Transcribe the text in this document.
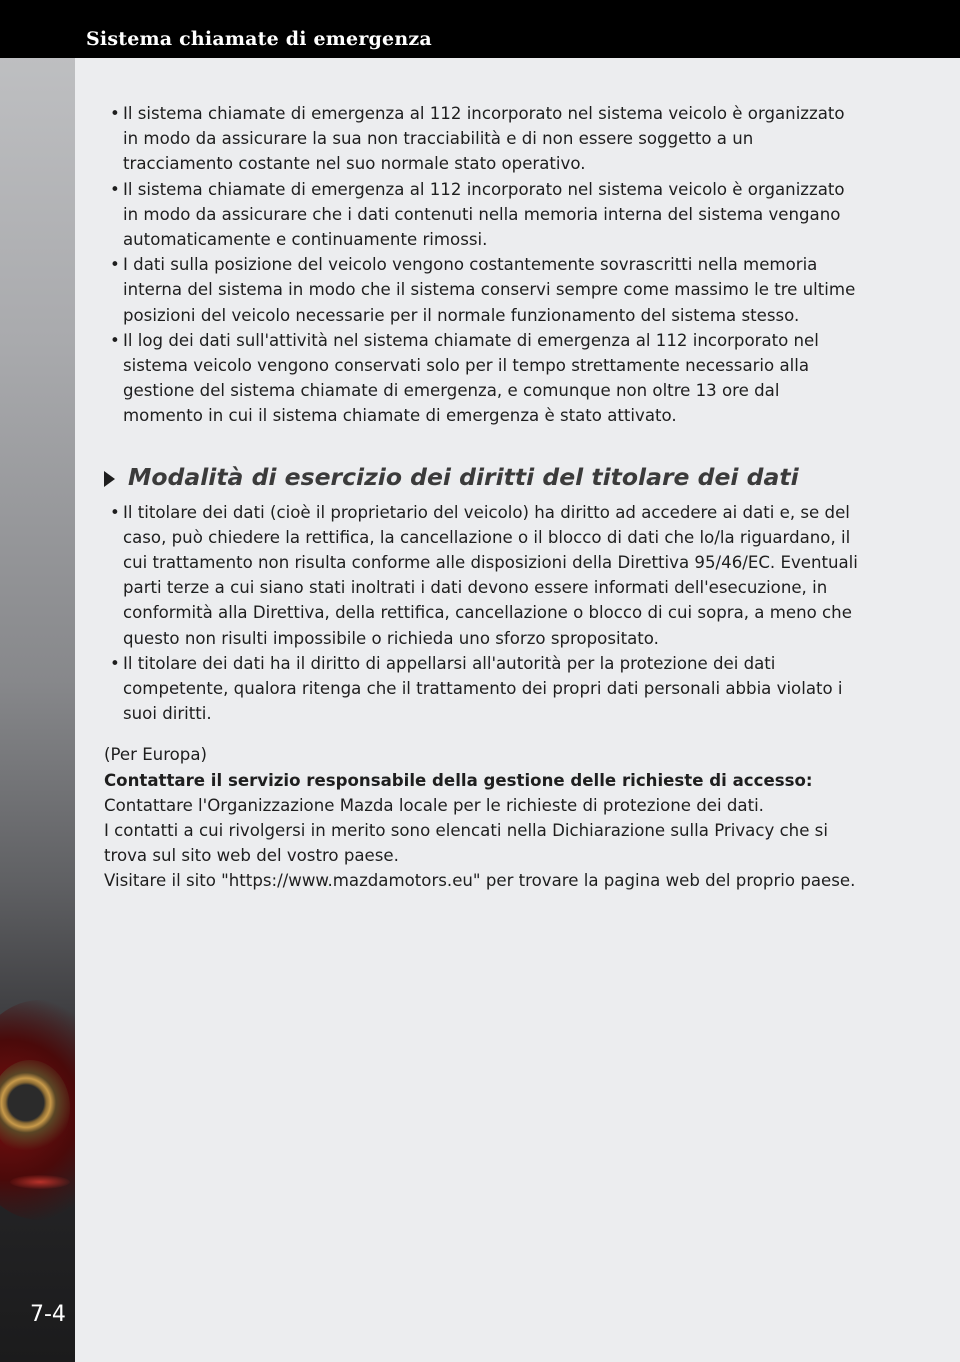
Sistema chiamate di emergenza
7-4
• Il sistema chiamate di emergenza al 112 incorporato nel sistema veicolo è organizzato in modo da assicurare la sua non tracciabilità e di non essere soggetto a un tracciamento costante nel suo normale stato operativo.
• Il sistema chiamate di emergenza al 112 incorporato nel sistema veicolo è organizzato in modo da assicurare che i dati contenuti nella memoria interna del sistema vengano automaticamente e continuamente rimossi.
• I dati sulla posizione del veicolo vengono costantemente sovrascritti nella memoria interna del sistema in modo che il sistema conservi sempre come massimo le tre ultime posizioni del veicolo necessarie per il normale funzionamento del sistema stesso.
• Il log dei dati sull'attività nel sistema chiamate di emergenza al 112 incorporato nel sistema veicolo vengono conservati solo per il tempo strettamente necessario alla gestione del sistema chiamate di emergenza, e comunque non oltre 13 ore dal momento in cui il sistema chiamate di emergenza è stato attivato.
Modalità di esercizio dei diritti del titolare dei dati
• Il titolare dei dati (cioè il proprietario del veicolo) ha diritto ad accedere ai dati e, se del caso, può chiedere la rettifica, la cancellazione o il blocco di dati che lo/la riguardano, il cui trattamento non risulta conforme alle disposizioni della Direttiva 95/46/EC. Eventuali parti terze a cui siano stati inoltrati i dati devono essere informati dell'esecuzione, in conformità alla Direttiva, della rettifica, cancellazione o blocco di cui sopra, a meno che questo non risulti impossibile o richieda uno sforzo spropositato.
• Il titolare dei dati ha il diritto di appellarsi all'autorità per la protezione dei dati competente, qualora ritenga che il trattamento dei propri dati personali abbia violato i suoi diritti.

(Per Europa)

Contattare il servizio responsabile della gestione delle richieste di accesso:

Contattare l'Organizzazione Mazda locale per le richieste di protezione dei dati.

I contatti a cui rivolgersi in merito sono elencati nella Dichiarazione sulla Privacy che si trova sul sito web del vostro paese.

Visitare il sito "https://www.mazdamotors.eu" per trovare la pagina web del proprio paese.
